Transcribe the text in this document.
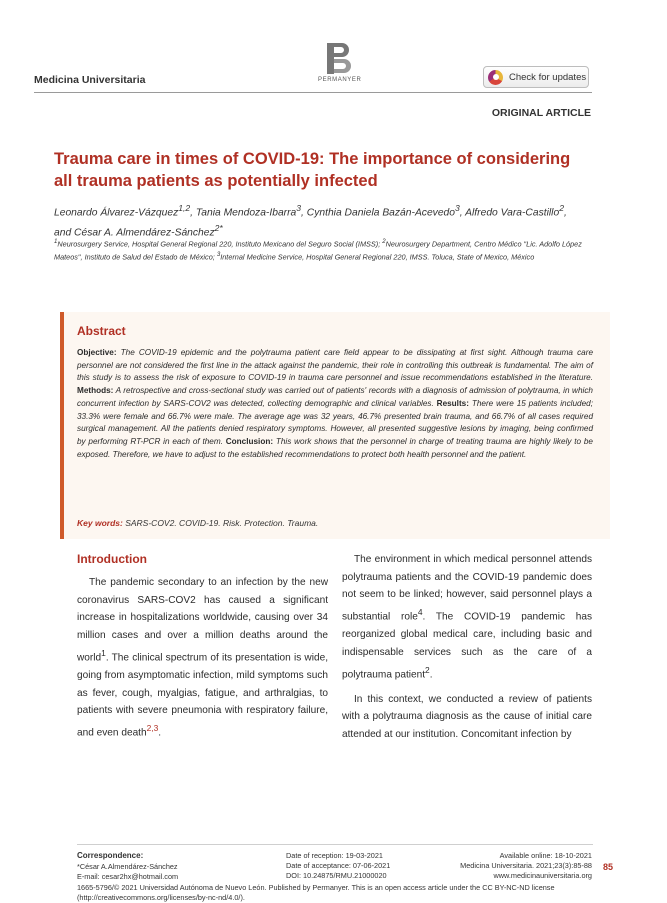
Medicina Universitaria	PERMANYER	Check for updates
ORIGINAL ARTICLE
Trauma care in times of COVID-19: The importance of considering all trauma patients as potentially infected
Leonardo Álvarez-Vázquez$^{1,2}$, Tania Mendoza-Ibarra$^3$, Cynthia Daniela Bazán-Acevedo$^3$, Alfredo Vara-Castillo$^2$, and César A. Almendárez-Sánchez$^{2*}$
$^1$Neurosurgery Service, Hospital General Regional 220, Instituto Mexicano del Seguro Social (IMSS); $^2$Neurosurgery Department, Centro Médico "Lic. Adolfo López Mateos", Instituto de Salud del Estado de México; $^3$Internal Medicine Service, Hospital General Regional 220, IMSS. Toluca, State of Mexico, México
Abstract
Objective: The COVID-19 epidemic and the polytrauma patient care field appear to be dissipating at first sight. Although trauma care personnel are not considered the first line in the attack against the pandemic, their role in controlling this outbreak is fundamental. The aim of this study is to assess the risk of exposure to COVID-19 in trauma care personnel and issue recommendations established in the literature. Methods: A retrospective and cross-sectional study was carried out of patients' records with a diagnosis of admission of polytrauma, in which concurrent infection by SARS-COV2 was detected, collecting demographic and clinical variables. Results: There were 15 patients included; 33.3% were female and 66.7% were male. The average age was 32 years, 46.7% presented brain trauma, and 66.7% of all cases required surgical management. All the patients denied respiratory symptoms. However, all presented suggestive lesions by imaging, being confirmed by performing RT-PCR in each of them. Conclusion: This work shows that the personnel in charge of treating trauma are highly likely to be exposed. Therefore, we have to adjust to the established recommendations to protect both health personnel and the patient.
Key words: SARS-COV2. COVID-19. Risk. Protection. Trauma.
Introduction

The pandemic secondary to an infection by the new coronavirus SARS-COV2 has caused a significant increase in hospitalizations worldwide, causing over 34 million cases and over a million deaths around the world$^1$. The clinical spectrum of its presentation is wide, going from asymptomatic infection, mild symptoms such as fever, cough, myalgias, fatigue, and arthralgias, to patients with severe pneumonia with respiratory failure, and even death$^{2,3}$.

The environment in which medical personnel attends polytrauma patients and the COVID-19 pandemic does not seem to be linked; however, said personnel plays a substantial role$^4$. The COVID-19 pandemic has reorganized global medical care, including basic and indispensable services such as the care of a polytrauma patient$^2$.

In this context, we conducted a review of patients with a polytrauma diagnosis as the cause of initial care attended at our institution. Concomitant infection by

Correspondence:
*César A.Almendárez-Sánchez
E-mail: cesar2hx@hotmail.com
Date of reception: 19-03-2021
Date of acceptance: 07-06-2021
DOI: 10.24875/RMU.21000020
Available online: 18-10-2021
Medicina Universitaria. 2021;23(3):85-88
www.medicinauniversitaria.org
1665-5796/© 2021 Universidad Autónoma de Nuevo León. Published by Permanyer. This is an open access article under the CC BY-NC-ND license (http://creativecommons.org/licenses/by-nc-nd/4.0/).
85
